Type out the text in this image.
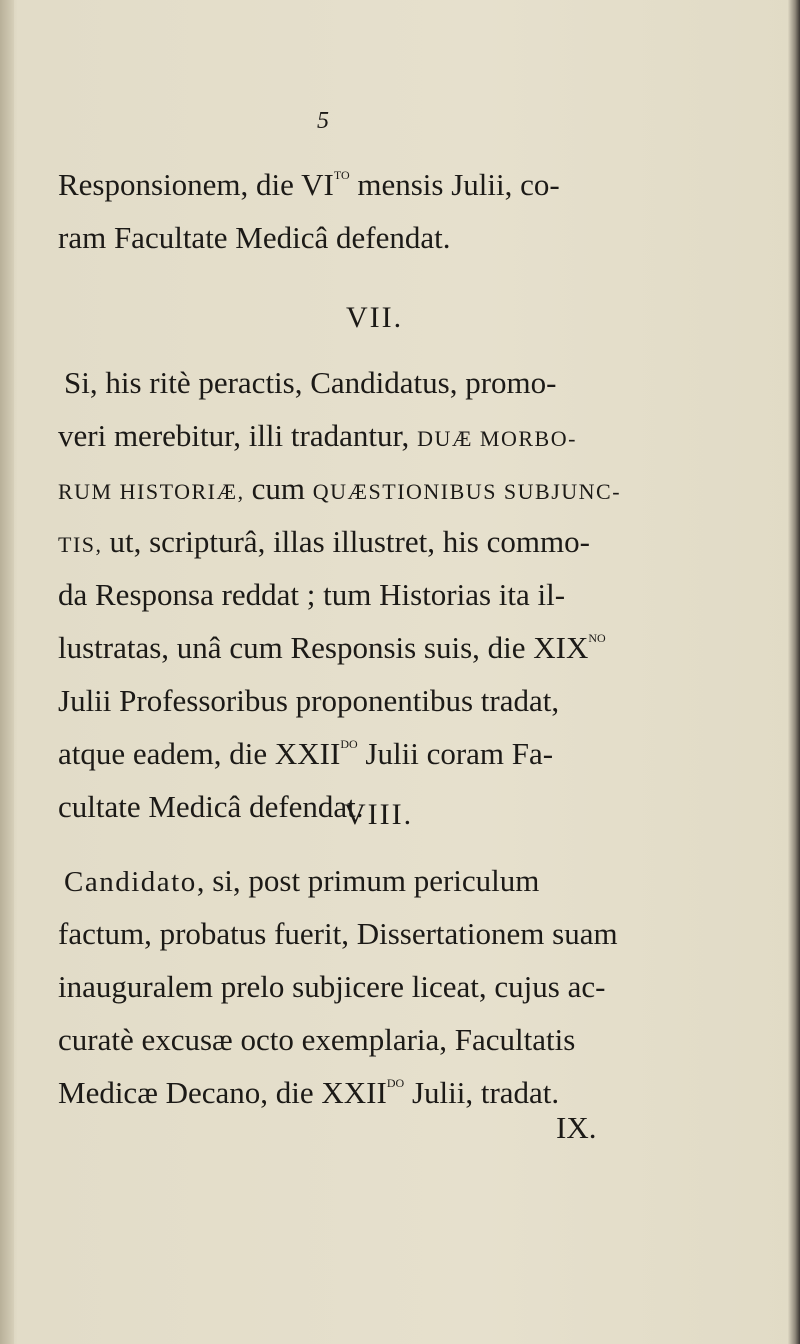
5
Responsionem, die $VI^{TO}$ mensis Julii, co-
ram Facultate Medicâ defendat.
VII.
Si, his ritè peractis, Candidatus, promo-
veri merebitur, illi tradantur, DUÆ MORBO-
RUM HISTORIÆ, cum QUÆSTIONIBUS SUBJUNC-
TIS, ut, scripturâ, illas illustret, his commo-
da Responsa reddat ; tum Historias ita il-
lustratas, unâ cum Responsis suis, die $XIX^{NO}$
Julii Professoribus proponentibus tradat,
atque eadem, die $XXII^{DO}$ Julii coram Fa-
cultate Medicâ defendat.
VIII.
Candidato, si, post primum periculum
factum, probatus fuerit, Dissertationem suam
inauguralem prelo subjicere liceat, cujus ac-
curatè excusæ octo exemplaria, Facultatis
Medicæ Decano, die $XXII^{DO}$ Julii, tradat.
IX.
